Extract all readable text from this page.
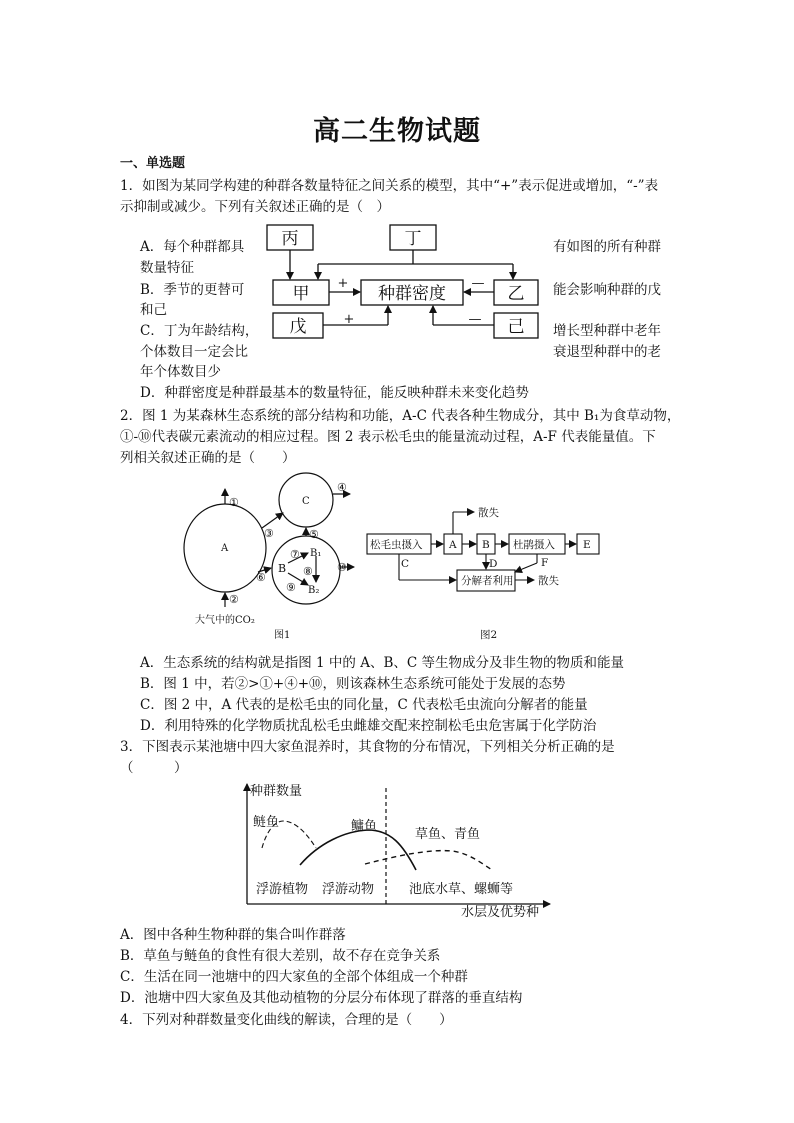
高二生物试题
一、单选题
1．如图为某同学构建的种群各数量特征之间关系的模型，其中“+”表示促进或增加，“-”表
示抑制或减少。下列有关叙述正确的是（　）
A．每个种群都具
数量特征
有如图的所有种群
B．季节的更替可
和己
能会影响种群的戊
C．丁为年龄结构，
个体数目一定会比
年个体数目少
增长型种群中老年
衰退型种群中的老
D．种群密度是种群最基本的数量特征，能反映种群未来变化趋势
丙	丁
甲	种群密度	乙
戊	己
+	—
+	—
A
C
B
B₁
B₂
①
②
③
④
⑤
⑥
⑦
⑧
⑨
⑩
大气中的CO₂
图1
松毛虫摄入	A B 杜鹃摄入	E
分解者利用
散失
散失
C	D	F
图2
种群数量
水层及优势种
鲢鱼	鳙鱼
草鱼、青鱼
浮游植物 浮游动物	池底水草、螺蛳等
2．图 1 为某森林生态系统的部分结构和功能，A-C 代表各种生物成分，其中 B₁为食草动物，
①-⑩代表碳元素流动的相应过程。图 2 表示松毛虫的能量流动过程，A-F 代表能量值。下
列相关叙述正确的是（　　）
A．生态系统的结构就是指图 1 中的 A、B、C 等生物成分及非生物的物质和能量
B．图 1 中，若②>①+④+⑩，则该森林生态系统可能处于发展的态势
C．图 2 中，A 代表的是松毛虫的同化量，C 代表松毛虫流向分解者的能量
D．利用特殊的化学物质扰乱松毛虫雌雄交配来控制松毛虫危害属于化学防治
3．下图表示某池塘中四大家鱼混养时，其食物的分布情况，下列相关分析正确的是
（　　　）
A．图中各种生物种群的集合叫作群落
B．草鱼与鲢鱼的食性有很大差别，故不存在竞争关系
C．生活在同一池塘中的四大家鱼的全部个体组成一个种群
D．池塘中四大家鱼及其他动植物的分层分布体现了群落的垂直结构
4．下列对种群数量变化曲线的解读，合理的是（　　）
